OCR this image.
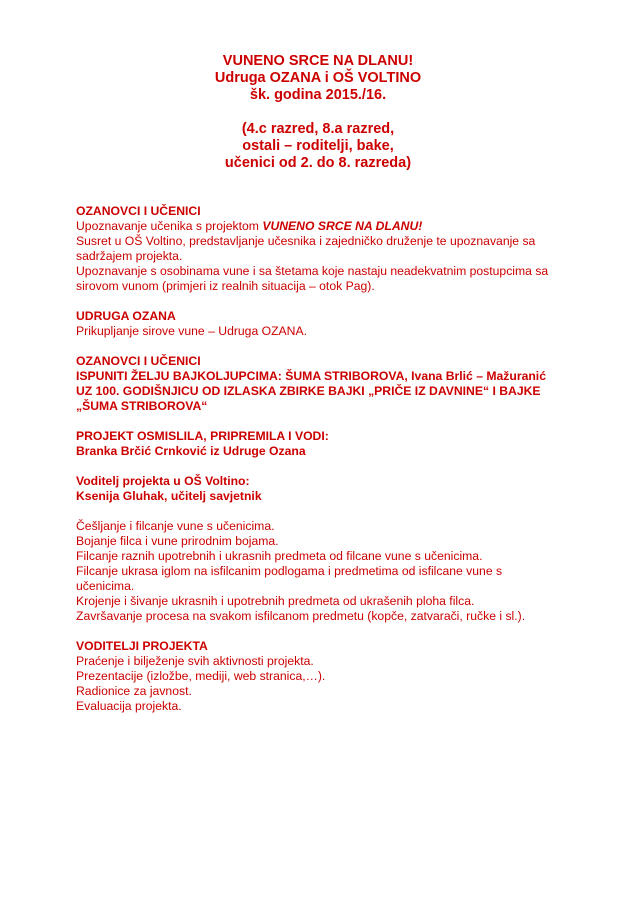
VUNENO SRCE NA DLANU!
Udruga OZANA i OŠ VOLTINO
šk. godina 2015./16.
(4.c razred, 8.a razred,
ostali – roditelji, bake,
učenici od 2. do 8. razreda)

OZANOVCI I UČENICI

Upoznavanje učenika s projektom VUNENO SRCE NA DLANU!

Susret u OŠ Voltino, predstavljanje učesnika i zajedničko druženje te upoznavanje sa

sadržajem projekta.

Upoznavanje s osobinama vune i sa štetama koje nastaju neadekvatnim postupcima sa

sirovom vunom (primjeri iz realnih situacija – otok Pag).

UDRUGA OZANA

Prikupljanje sirove vune – Udruga OZANA.

OZANOVCI I UČENICI

ISPUNITI ŽELJU BAJKOLJUPCIMA: ŠUMA STRIBOROVA, Ivana Brlić – Mažuranić

UZ 100. GODIŠNJICU OD IZLASKA ZBIRKE BAJKI „PRIČE IZ DAVNINE“ I BAJKE

„ŠUMA STRIBOROVA“

PROJEKT OSMISLILA, PRIPREMILA I VODI:

Branka Brčić Crnković iz Udruge Ozana

Voditelj projekta u OŠ Voltino:

Ksenija Gluhak, učitelj savjetnik

Češljanje i filcanje vune s učenicima.

Bojanje filca i vune prirodnim bojama.

Filcanje raznih upotrebnih i ukrasnih predmeta od filcane vune s učenicima.

Filcanje ukrasa iglom na isfilcanim podlogama i predmetima od isfilcane vune s

učenicima.

Krojenje i šivanje ukrasnih i upotrebnih predmeta od ukrašenih ploha filca.

Završavanje procesa na svakom isfilcanom predmetu (kopče, zatvarači, ručke i sl.).

VODITELJI PROJEKTA

Praćenje i bilježenje svih aktivnosti projekta.

Prezentacije (izložbe, mediji, web stranica,…).

Radionice za javnost.

Evaluacija projekta.
